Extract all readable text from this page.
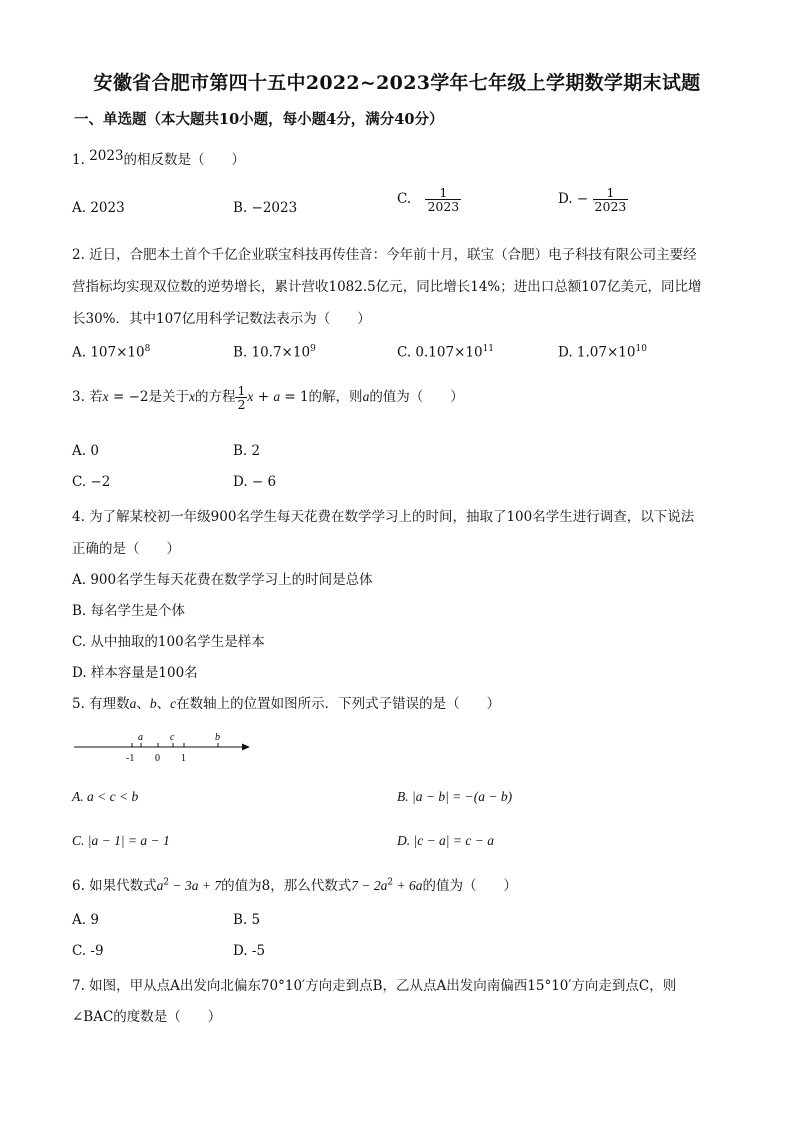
安徽省合肥市第四十五中2022~2023学年七年级上学期数学期末试题
一、单选题（本大题共10小题，每小题4分，满分40分）
1. 2023的相反数是（　　）
A. 2023	B. −2023
C. $\frac{1}{2023}$	D. − $\frac{1}{2023}$
2. 近日，合肥本土首个千亿企业联宝科技再传佳音：今年前十月，联宝（合肥）电子科技有限公司主要经
营指标均实现双位数的逆势增长，累计营收1082.5亿元，同比增长14%；进出口总额107亿美元，同比增
长30%．其中107亿用科学记数法表示为（　　）
A. $107\times 10^8$	B. $10.7\times 10^9$	C. $0.107\times 10^{11}$	D. $1.07\times 10^{10}$
3. 若x = −2是关于x的方程 $\frac{1}{2}$ x + a = 1的解，则a的值为（　　）
A. 0	B. 2
C. −2	D. − 6
4. 为了解某校初一年级900名学生每天花费在数学学习上的时间，抽取了100名学生进行调查，以下说法
正确的是（　　）
A. 900名学生每天花费在数学学习上的时间是总体
B. 每名学生是个体
C. 从中抽取的100名学生是样本
D. 样本容量是100名
5. 有理数a、b、c在数轴上的位置如图所示．下列式子错误的是（　　）
a	c	b
-1 0 1
A. a < c < b	B. |a − b| = −(a − b)
C. |a − 1| = a − 1	D. |c − a| = c − a
6. 如果代数式$a^2 - 3a + 7$的值为8，那么代数式$7 - 2a^2 + 6a$的值为（　　）
A. 9	B. 5
C. -9	D. -5
7. 如图，甲从点A出发向北偏东70°10′方向走到点B，乙从点A出发向南偏西15°10′方向走到点C，则
∠BAC的度数是（　　）
